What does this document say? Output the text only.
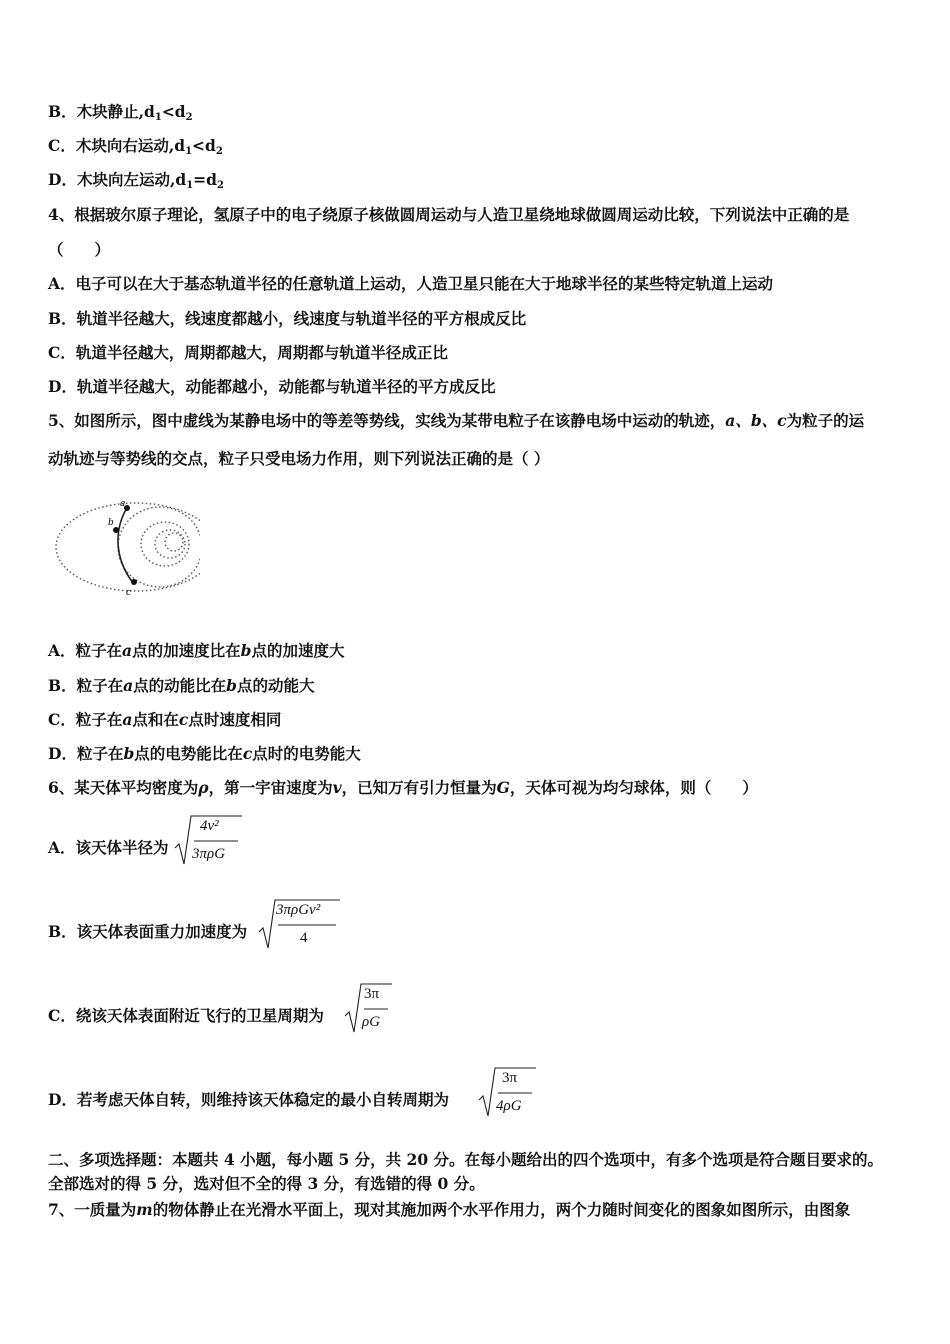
B．木块静止$,d_1<d_2$
C．木块向右运动$,d_1<d_2$
D．木块向左运动$,d_1=d_2$
4、根据玻尔原子理论，氢原子中的电子绕原子核做圆周运动与人造卫星绕地球做圆周运动比较，下列说法中正确的是
（　　）
A．电子可以在大于基态轨道半径的任意轨道上运动，人造卫星只能在大于地球半径的某些特定轨道上运动
B．轨道半径越大，线速度都越小，线速度与轨道半径的平方根成反比
C．轨道半径越大，周期都越大，周期都与轨道半径成正比
D．轨道半径越大，动能都越小，动能都与轨道半径的平方成反比
5、如图所示，图中虚线为某静电场中的等差等势线，实线为某带电粒子在该静电场中运动的轨迹，a、b、c为粒子的运
动轨迹与等势线的交点，粒子只受电场力作用，则下列说法正确的是（ ）
a
b
c
A．粒子在a点的加速度比在b点的加速度大
B．粒子在a点的动能比在b点的动能大
C．粒子在a点和在c点时速度相同
D．粒子在b点的电势能比在c点时的电势能大
6、某天体平均密度为ρ，第一宇宙速度为v，已知万有引力恒量为G，天体可视为均匀球体，则（　　）
A．该天体半径为
4v²
3πρG
B．该天体表面重力加速度为
3πρGv²
4
C．绕该天体表面附近飞行的卫星周期为
3π
ρG
D．若考虑天体自转，则维持该天体稳定的最小自转周期为
3π
4ρG
二、多项选择题：本题共 4 小题，每小题 5 分，共 20 分。在每小题给出的四个选项中，有多个选项是符合题目要求的。
全部选对的得 5 分，选对但不全的得 3 分，有选错的得 0 分。
7、一质量为m的物体静止在光滑水平面上，现对其施加两个水平作用力，两个力随时间变化的图象如图所示，由图象
